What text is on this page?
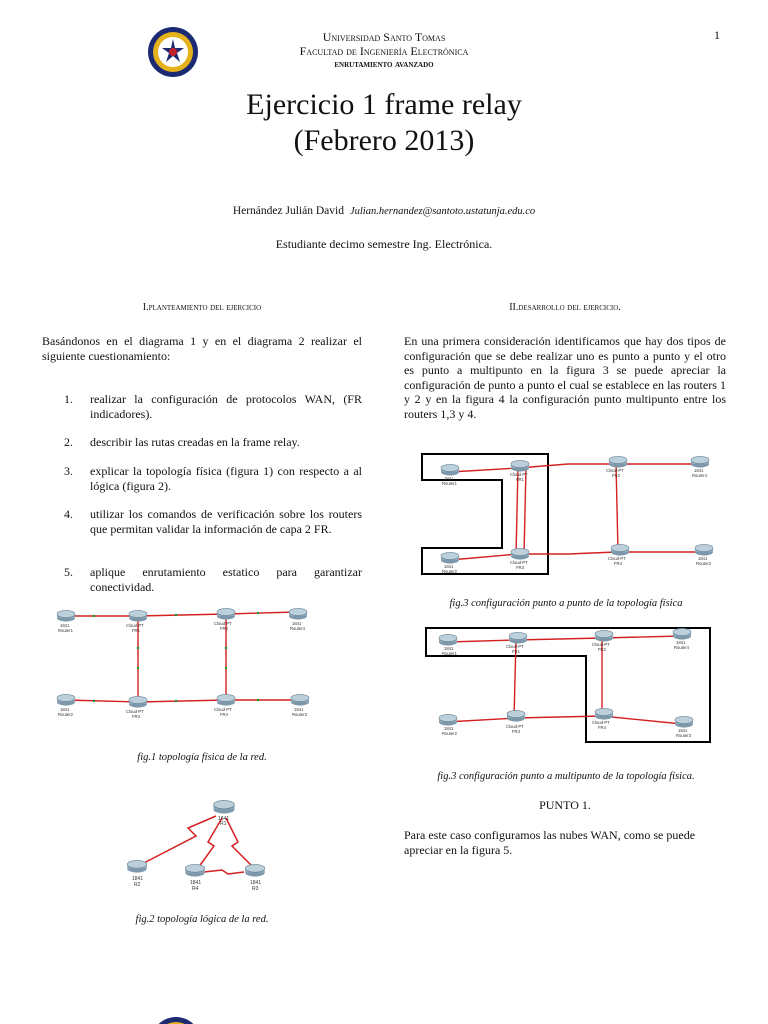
Universidad Santo Tomas
Facultad de Ingeniería Electrónica
enrutamiento avanzado
1
Ejercicio 1 frame relay
(Febrero 2013)
Hernández Julián David Julian.hernandez@santoto.ustatunja.edu.co
Estudiante decimo semestre Ing. Electrónica.
I.planteamiento del ejercicio
Basándonos en el diagrama 1 y en el diagrama 2 realizar el siguiente cuestionamiento:
1. realizar la configuración de protocolos WAN, (FR indicadores).
2. describir las rutas creadas en la frame relay.
3. explicar la topología física (figura 1) con respecto a al lógica (figura 2).
4. utilizar los comandos de verificación sobre los routers que permitan validar la información de capa 2 FR.
5. aplique enrutamiento estatico para garantizar conectividad.
1841
Router1
Cloud-PT
FR1
Cloud-PT
FR2
1841
Router4
1841
Router2
Cloud-PT
FR3
Cloud-PT
FR4
1841
Router3
fig.1 topología física de la red.
1841
R1
1841
R2	1841
R4
1841
R3
fig.2 topología lógica de la red.
II.desarrollo del ejercicio.
En una primera consideración identificamos que hay dos tipos de configuración que se debe realizar uno es punto a punto y el otro es punto a multipunto en la figura 3 se puede apreciar la configuración de punto a punto el cual se establece en las routers 1 y 2 y en la figura 4 la configuración punto multipunto entre los routers 1,3 y 4.
1841
Router1
Cloud-PT
FR1
Cloud-PT
FR2
1841
Router4
1841
Router2
Cloud-PT
FR3
Cloud-PT
FR4
1841
Router3
fig.3 configuración punto a punto de la topología física
1841
Router1
Cloud-PT
FR1
Cloud-PT
FR2
1841
Router4
1841
Router2
Cloud-PT
FR3
Cloud-PT
FR4
1841
Router3
fig.3 configuración punto a multipunto de la topología física.
PUNTO 1.
Para este caso configuramos las nubes WAN, como se puede apreciar en la figura 5.
